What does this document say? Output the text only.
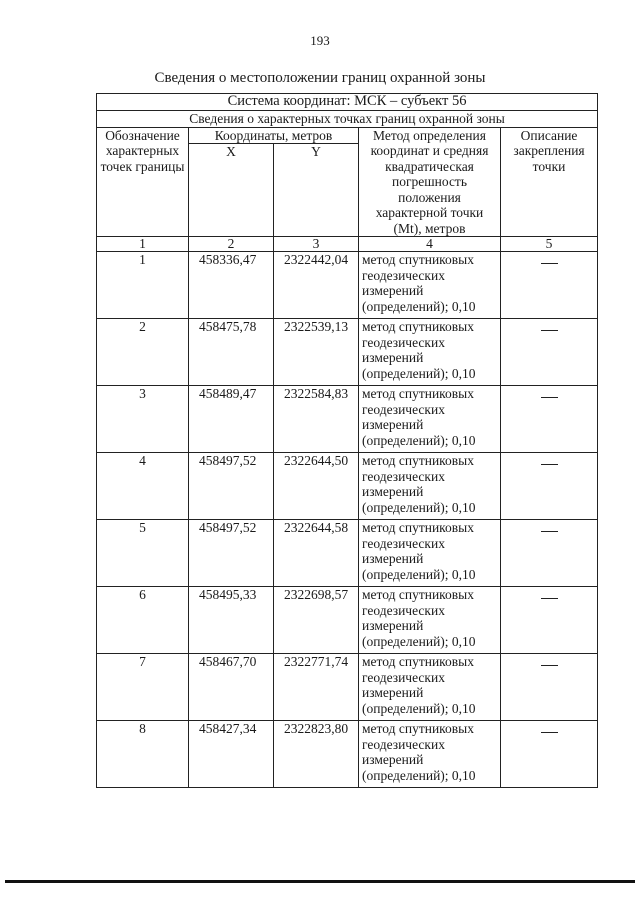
193
Сведения о местоположении границ охранной зоны
Система координат: МСК – субъект 56				
Сведения о характерных точках границ охранной зоны				
Обозначение характерных точек границы	Координаты, метров		Метод определения координат и средняя квадратическая погрешность положения характерной точки (Mt), метров	Описание закрепления точки
	X	Y		
1	2	3	4	5
1	458336,47	2322442,04	метод спутниковых геодезических измерений (определений); 0,10	
2	458475,78	2322539,13	метод спутниковых геодезических измерений (определений); 0,10	
3	458489,47	2322584,83	метод спутниковых геодезических измерений (определений); 0,10	
4	458497,52	2322644,50	метод спутниковых геодезических измерений (определений); 0,10	
5	458497,52	2322644,58	метод спутниковых геодезических измерений (определений); 0,10	
6	458495,33	2322698,57	метод спутниковых геодезических измерений (определений); 0,10	
7	458467,70	2322771,74	метод спутниковых геодезических измерений (определений); 0,10	
8	458427,34	2322823,80	метод спутниковых геодезических измерений (определений); 0,10	
